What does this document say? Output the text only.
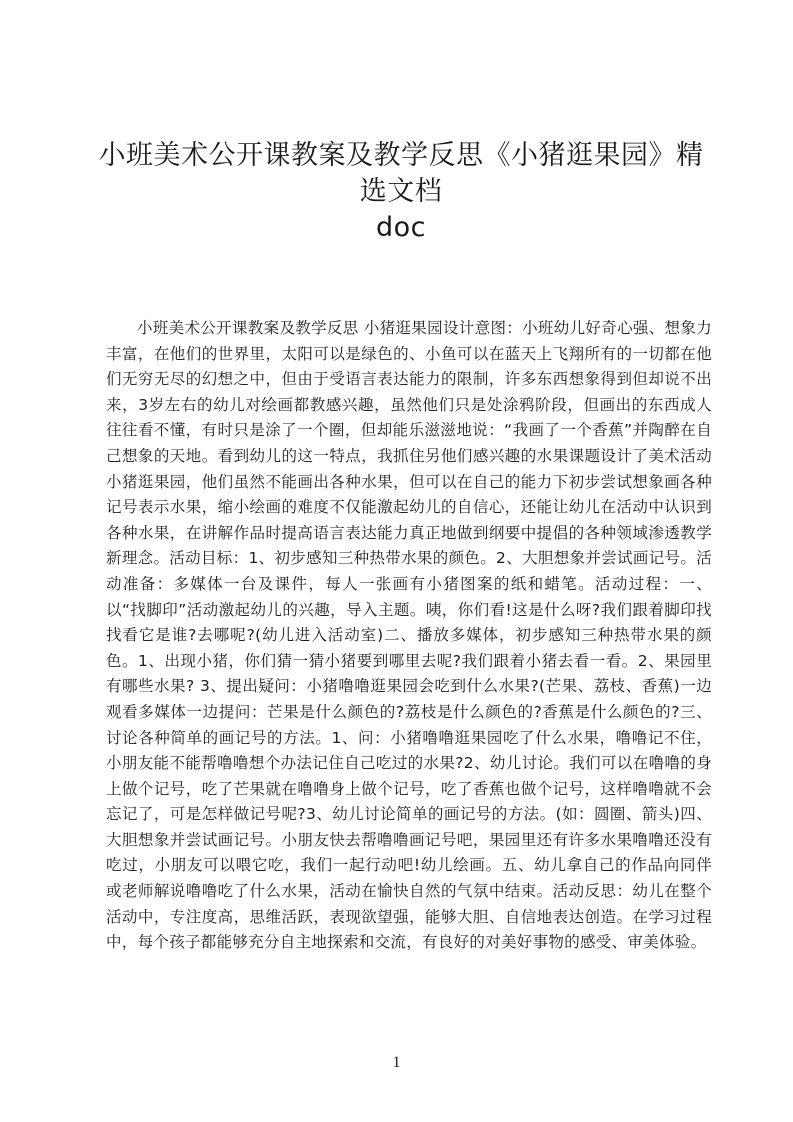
小班美术公开课教案及教学反思《小猪逛果园》精选文档
doc

小班美术公开课教案及教学反思 小猪逛果园设计意图：小班幼儿好奇心强、想象力丰富，在他们的世界里，太阳可以是绿色的、小鱼可以在蓝天上飞翔所有的一切都在他们无穷无尽的幻想之中，但由于受语言表达能力的限制，许多东西想象得到但却说不出来，3岁左右的幼儿对绘画都教感兴趣，虽然他们只是处涂鸦阶段，但画出的东西成人往往看不懂，有时只是涂了一个圈，但却能乐滋滋地说：“我画了一个香蕉”并陶醉在自己想象的天地。看到幼儿的这一特点，我抓住另他们感兴趣的水果课题设计了美术活动小猪逛果园，他们虽然不能画出各种水果，但可以在自己的能力下初步尝试想象画各种记号表示水果，缩小绘画的难度不仅能激起幼儿的自信心，还能让幼儿在活动中认识到各种水果，在讲解作品时提高语言表达能力真正地做到纲要中提倡的各种领域渗透教学新理念。活动目标：1、初步感知三种热带水果的颜色。2、大胆想象并尝试画记号。活动准备：多媒体一台及课件，每人一张画有小猪图案的纸和蜡笔。活动过程：一、以“找脚印”活动激起幼儿的兴趣，导入主题。咦，你们看!这是什么呀?我们跟着脚印找找看它是谁?去哪呢?(幼儿进入活动室)二、播放多媒体，初步感知三种热带水果的颜色。1、出现小猪，你们猜一猜小猪要到哪里去呢?我们跟着小猪去看一看。2、果园里有哪些水果? 3、提出疑问：小猪噜噜逛果园会吃到什么水果?(芒果、荔枝、香蕉)一边观看多媒体一边提问：芒果是什么颜色的?荔枝是什么颜色的?香蕉是什么颜色的?三、讨论各种简单的画记号的方法。1、问：小猪噜噜逛果园吃了什么水果，噜噜记不住，小朋友能不能帮噜噜想个办法记住自己吃过的水果?2、幼儿讨论。我们可以在噜噜的身上做个记号，吃了芒果就在噜噜身上做个记号，吃了香蕉也做个记号，这样噜噜就不会忘记了，可是怎样做记号呢?3、幼儿讨论简单的画记号的方法。(如：圆圈、箭头)四、大胆想象并尝试画记号。小朋友快去帮噜噜画记号吧，果园里还有许多水果噜噜还没有吃过，小朋友可以喂它吃，我们一起行动吧!幼儿绘画。五、幼儿拿自己的作品向同伴或老师解说噜噜吃了什么水果，活动在愉快自然的气氛中结束。活动反思：幼儿在整个活动中，专注度高，思维活跃，表现欲望强，能够大胆、自信地表达创造。在学习过程中，每个孩子都能够充分自主地探索和交流，有良好的对美好事物的感受、审美体验。

1
